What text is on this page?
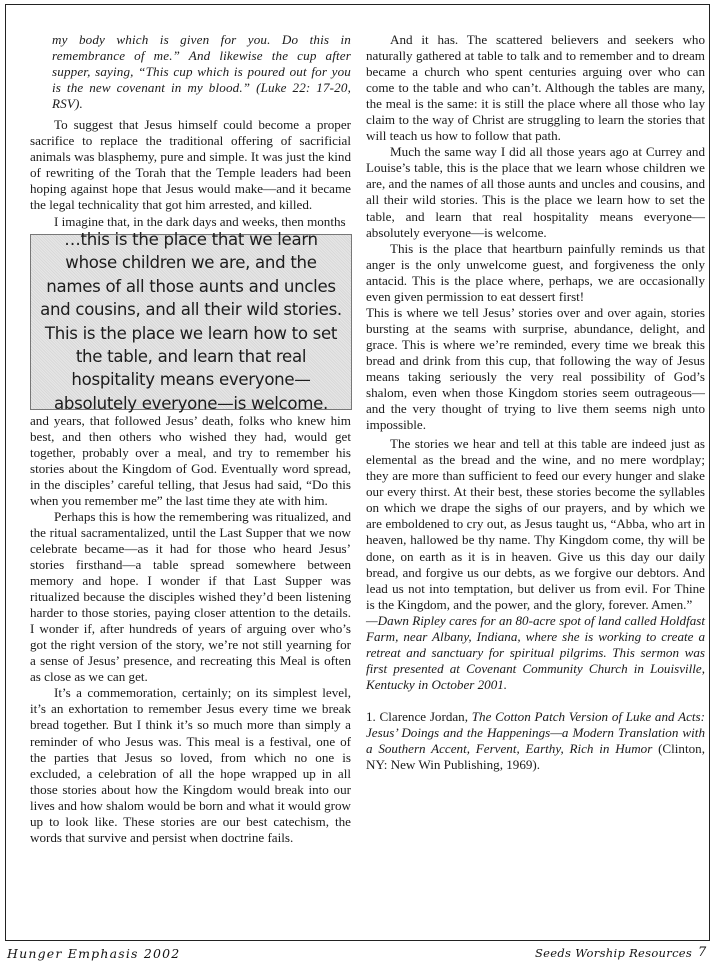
my body which is given for you. Do this in remembrance of me.” And likewise the cup after supper, saying, “This cup which is poured out for you is the new covenant in my blood.” (Luke 22: 17-20, RSV).

To suggest that Jesus himself could become a proper sacrifice to replace the traditional offering of sacrificial animals was blasphemy, pure and simple. It was just the kind of rewriting of the Torah that the Temple leaders had been hoping against hope that Jesus would make—and it became the legal technicality that got him arrested, and killed.

I imagine that, in the dark days and weeks, then months

…this is the place that we learn whose children we are, and the names of all those aunts and uncles and cousins, and all their wild stories. This is the place we learn how to set the table, and learn that real hospitality means everyone—absolutely everyone—is welcome.

and years, that followed Jesus’ death, folks who knew him best, and then others who wished they had, would get together, probably over a meal, and try to remember his stories about the Kingdom of God. Eventually word spread, in the disciples’ careful telling, that Jesus had said, “Do this when you remember me” the last time they ate with him.

Perhaps this is how the remembering was ritualized, and the ritual sacramentalized, until the Last Supper that we now celebrate became—as it had for those who heard Jesus’ stories firsthand—a table spread somewhere between memory and hope. I wonder if that Last Supper was ritualized because the disciples wished they’d been listening harder to those stories, paying closer attention to the details. I wonder if, after hundreds of years of arguing over who’s got the right version of the story, we’re not still yearning for a sense of Jesus’ presence, and recreating this Meal is often as close as we can get.

It’s a commemoration, certainly; on its simplest level, it’s an exhortation to remember Jesus every time we break bread together. But I think it’s so much more than simply a reminder of who Jesus was. This meal is a festival, one of the parties that Jesus so loved, from which no one is excluded, a celebration of all the hope wrapped up in all those stories about how the Kingdom would break into our lives and how shalom would be born and what it would grow up to look like. These stories are our best catechism, the words that survive and persist when doctrine fails.

And it has. The scattered believers and seekers who naturally gathered at table to talk and to remember and to dream became a church who spent centuries arguing over who can come to the table and who can’t. Although the tables are many, the meal is the same: it is still the place where all those who lay claim to the way of Christ are struggling to learn the stories that will teach us how to follow that path.

Much the same way I did all those years ago at Currey and Louise’s table, this is the place that we learn whose children we are, and the names of all those aunts and uncles and cousins, and all their wild stories. This is the place we learn how to set the table, and learn that real hospitality means everyone—absolutely everyone—is welcome.

This is the place that heartburn painfully reminds us that anger is the only unwelcome guest, and forgiveness the only antacid. This is the place where, perhaps, we are occasionally even given permission to eat dessert first!

This is where we tell Jesus’ stories over and over again, stories bursting at the seams with surprise, abundance, delight, and grace. This is where we’re reminded, every time we break this bread and drink from this cup, that following the way of Jesus means taking seriously the very real possibility of God’s shalom, even when those Kingdom stories seem outrageous—and the very thought of trying to live them seems nigh unto impossible.

The stories we hear and tell at this table are indeed just as elemental as the bread and the wine, and no mere wordplay; they are more than sufficient to feed our every hunger and slake our every thirst. At their best, these stories become the syllables on which we drape the sighs of our prayers, and by which we are emboldened to cry out, as Jesus taught us, “Abba, who art in heaven, hallowed be thy name. Thy Kingdom come, thy will be done, on earth as it is in heaven. Give us this day our daily bread, and forgive us our debts, as we forgive our debtors. And lead us not into temptation, but deliver us from evil. For Thine is the Kingdom, and the power, and the glory, forever. Amen.”

—Dawn Ripley cares for an 80-acre spot of land called Holdfast Farm, near Albany, Indiana, where she is working to create a retreat and sanctuary for spiritual pilgrims. This sermon was first presented at Covenant Community Church in Louisville, Kentucky in October 2001.

1. Clarence Jordan, The Cotton Patch Version of Luke and Acts: Jesus’ Doings and the Happenings—a Modern Translation with a Southern Accent, Fervent, Earthy, Rich in Humor (Clinton, NY: New Win Publishing, 1969).

Hunger Emphasis 2002	Seeds Worship Resources 7
